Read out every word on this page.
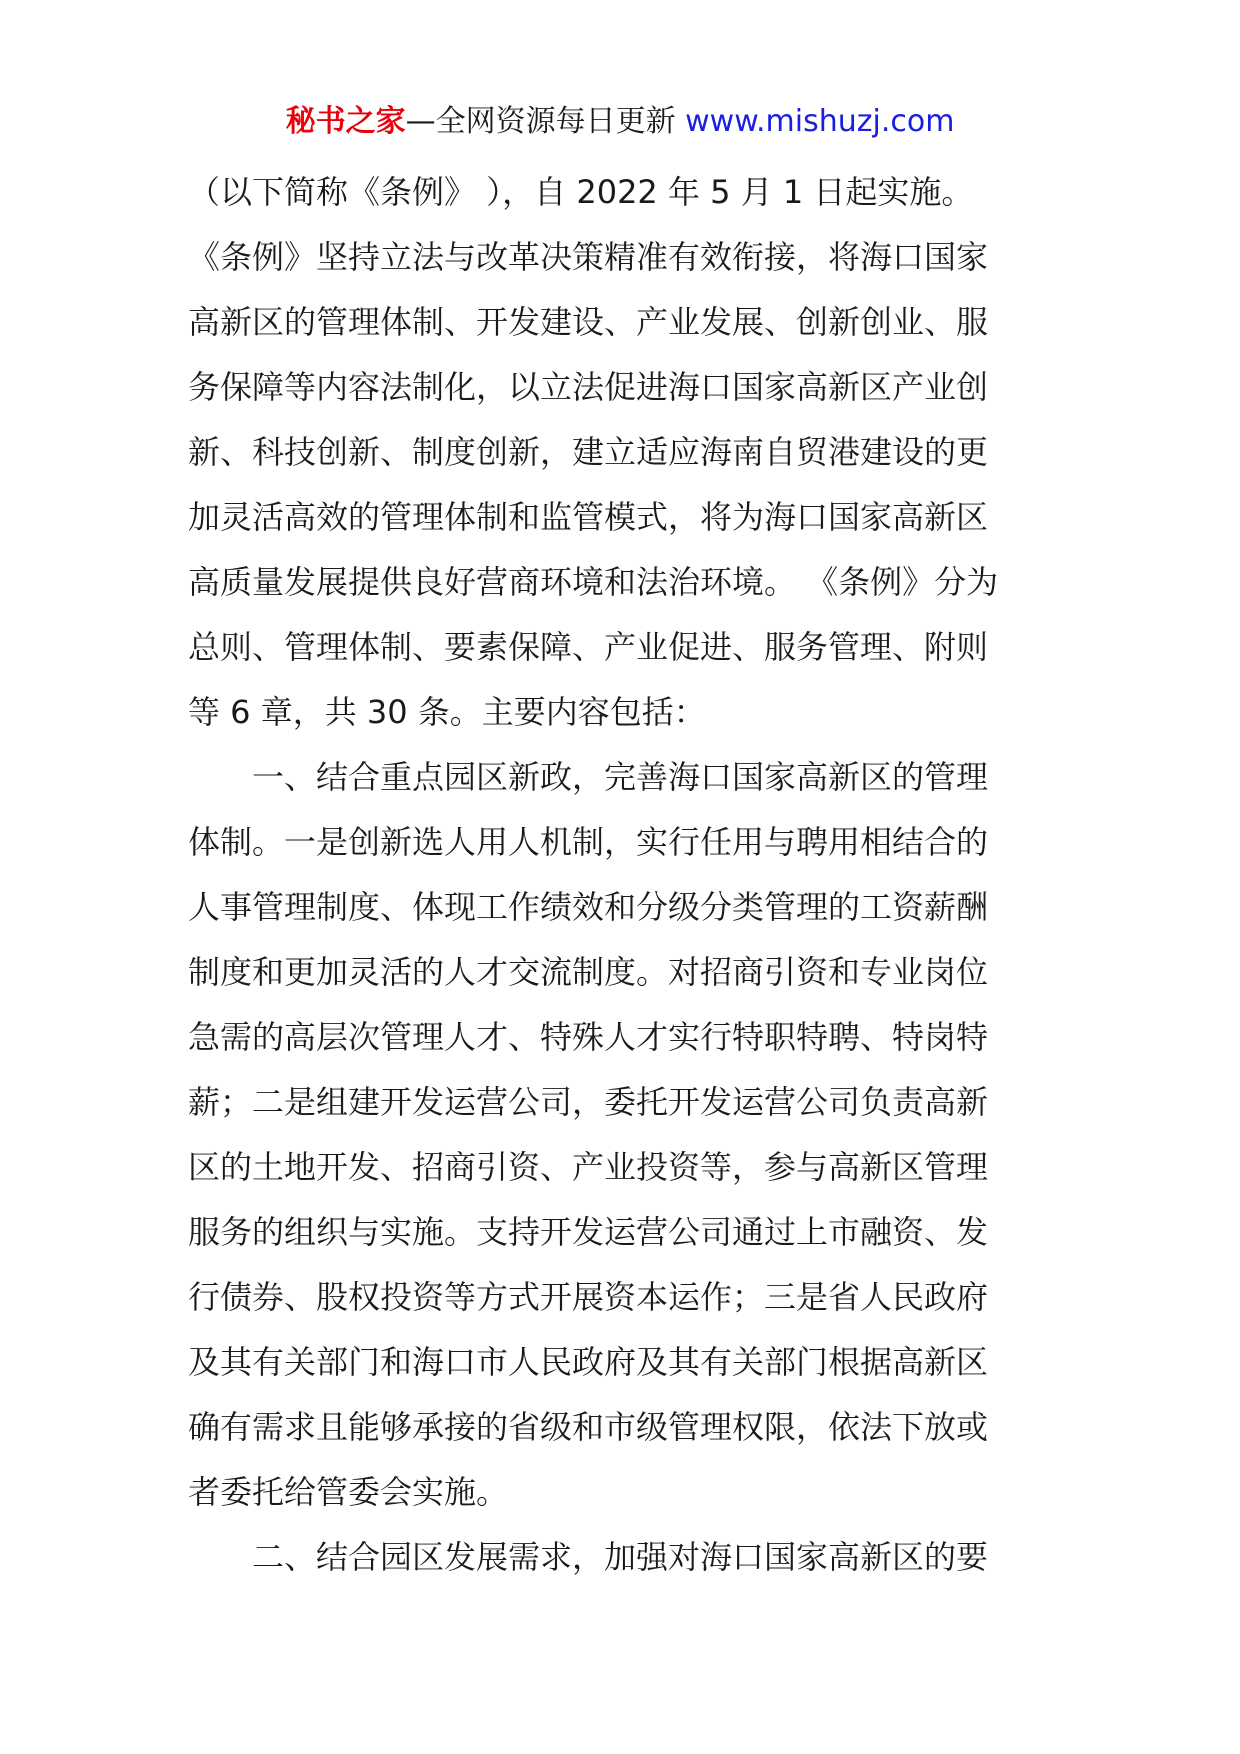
秘书之家—全网资源每日更新 www.mishuzj.com
（以下简称《条例》 ），自 2022 年 5 月 1 日起实施。
《条例》坚持立法与改革决策精准有效衔接，将海口国家
高新区的管理体制、开发建设、产业发展、创新创业、服
务保障等内容法制化，以立法促进海口国家高新区产业创
新、科技创新、制度创新，建立适应海南自贸港建设的更
加灵活高效的管理体制和监管模式，将为海口国家高新区
高质量发展提供良好营商环境和法治环境。 《条例》分为
总则、管理体制、要素保障、产业促进、服务管理、附则
等 6 章，共 30 条。主要内容包括：
　　一、结合重点园区新政，完善海口国家高新区的管理
体制。一是创新选人用人机制，实行任用与聘用相结合的
人事管理制度、体现工作绩效和分级分类管理的工资薪酬
制度和更加灵活的人才交流制度。对招商引资和专业岗位
急需的高层次管理人才、特殊人才实行特职特聘、特岗特
薪；二是组建开发运营公司，委托开发运营公司负责高新
区的土地开发、招商引资、产业投资等，参与高新区管理
服务的组织与实施。支持开发运营公司通过上市融资、发
行债券、股权投资等方式开展资本运作；三是省人民政府
及其有关部门和海口市人民政府及其有关部门根据高新区
确有需求且能够承接的省级和市级管理权限，依法下放或
者委托给管委会实施。
　　二、结合园区发展需求，加强对海口国家高新区的要
